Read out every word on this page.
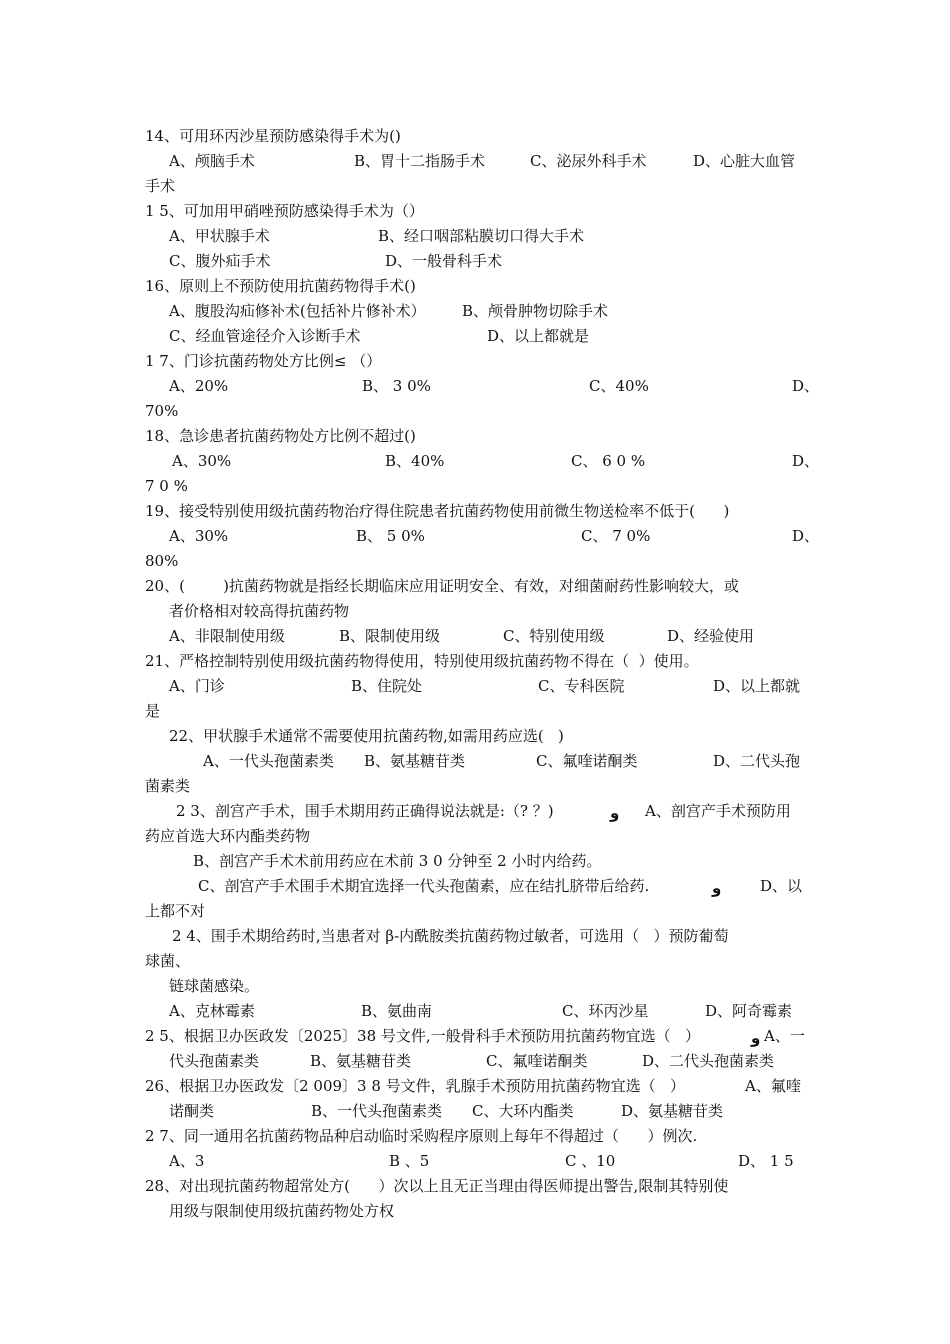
14、可用环丙沙星预防感染得手术为()
A、颅脑手术	B、胃十二指肠手术	C、泌尿外科手术	D、心脏大血管
手术
1 5、可加用甲硝唑预防感染得手术为（）
A、甲状腺手术	B、经口咽部粘膜切口得大手术
C、腹外疝手术	D、一般骨科手术
16、原则上不预防使用抗菌药物得手术()
A、腹股沟疝修补术(包括补片修补术） B、颅骨肿物切除手术
C、经血管途径介入诊断手术	D、以上都就是
1 7、门诊抗菌药物处方比例≤ （）
A、20%	B、 3 0%	C、40%	D、
70%
18、急诊患者抗菌药物处方比例不超过()
A、30%	B、40%	C、 6 0 %	D、
7 0 %
19、接受特别使用级抗菌药物治疗得住院患者抗菌药物使用前微生物送检率不低于(      )
A、30%	B、 5 0%	C、 7 0%	D、
80%
20、(        )抗菌药物就是指经长期临床应用证明安全、有效，对细菌耐药性影响较大，或
者价格相对较高得抗菌药物
A、非限制使用级	B、限制使用级	C、特别使用级	D、经验使用
21、严格控制特别使用级抗菌药物得使用，特别使用级抗菌药物不得在（  ）使用。
A、门诊	B、住院处	C、专科医院	D、以上都就
是
22、甲状腺手术通常不需要使用抗菌药物,如需用药应选(   )
A、一代头孢菌素类 B、氨基糖苷类	C、氟喹诺酮类	D、二代头孢
菌素类
2 3、剖宫产手术，围手术期用药正确得说法就是:（? ？)	و A、剖宫产手术预防用
药应首选大环内酯类药物
B、剖宫产手术术前用药应在术前 3 0 分钟至 2 小时内给药。
C、剖宫产手术围手术期宜选择一代头孢菌素，应在结扎脐带后给药.	و	D、以
上都不对
2 4、围手术期给药时,当患者对 β-内酰胺类抗菌药物过敏者，可选用（   ）预防葡萄
球菌、
链球菌感染。
A、克林霉素	B、氨曲南	C、环丙沙星	D、阿奇霉素
2 5、根据卫办医政发〔2025〕38 号文件,一般骨科手术预防用抗菌药物宜选（   ）	و A、一
代头孢菌素类	B、氨基糖苷类	C、氟喹诺酮类	D、二代头孢菌素类
26、根据卫办医政发〔2 009〕3 8 号文件，乳腺手术预防用抗菌药物宜选（   ）	A、氟喹
诺酮类	B、一代头孢菌素类 C、大环内酯类	D、氨基糖苷类
2 7、同一通用名抗菌药物品种启动临时采购程序原则上每年不得超过（      ）例次.
A、3	B 、5	C 、10	D、 1 5
28、对出现抗菌药物超常处方(      ）次以上且无正当理由得医师提出警告,限制其特别使
用级与限制使用级抗菌药物处方权
